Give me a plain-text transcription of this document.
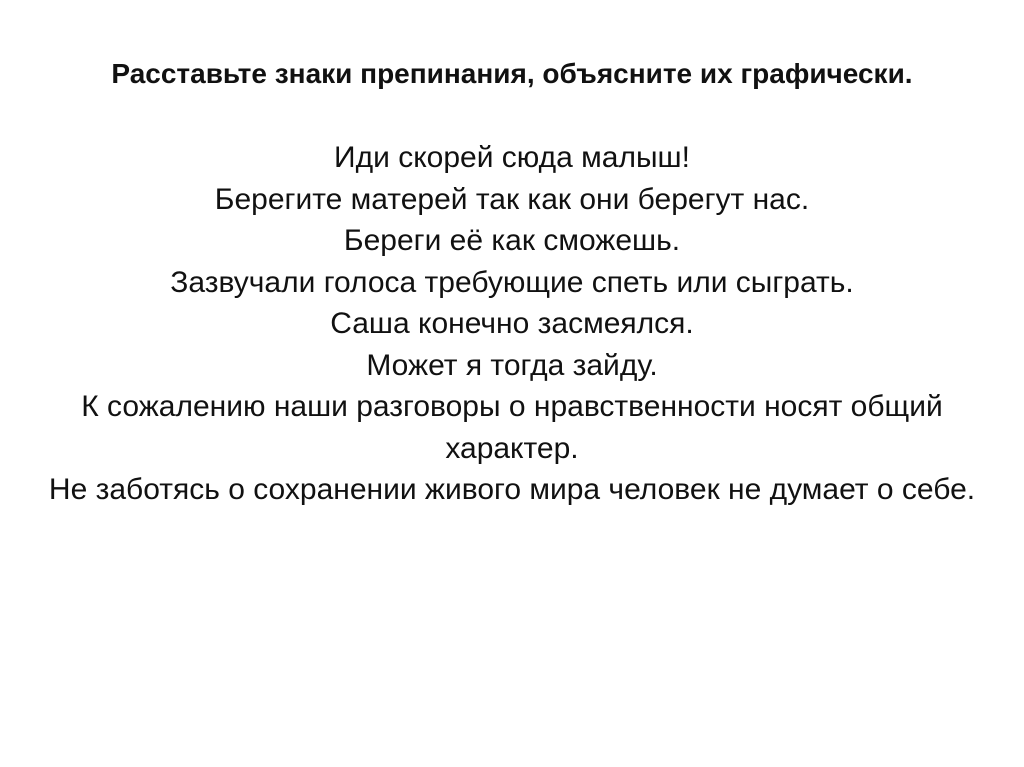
Расставьте знаки препинания, объясните их графически.
Иди скорей сюда малыш!
Берегите матерей так как они берегут нас.
Береги её как сможешь.
Зазвучали голоса требующие спеть или сыграть.
Саша конечно засмеялся.
Может я тогда зайду.
К сожалению наши разговоры о нравственности носят общий характер.
Не заботясь о сохранении живого мира человек не думает о себе.
